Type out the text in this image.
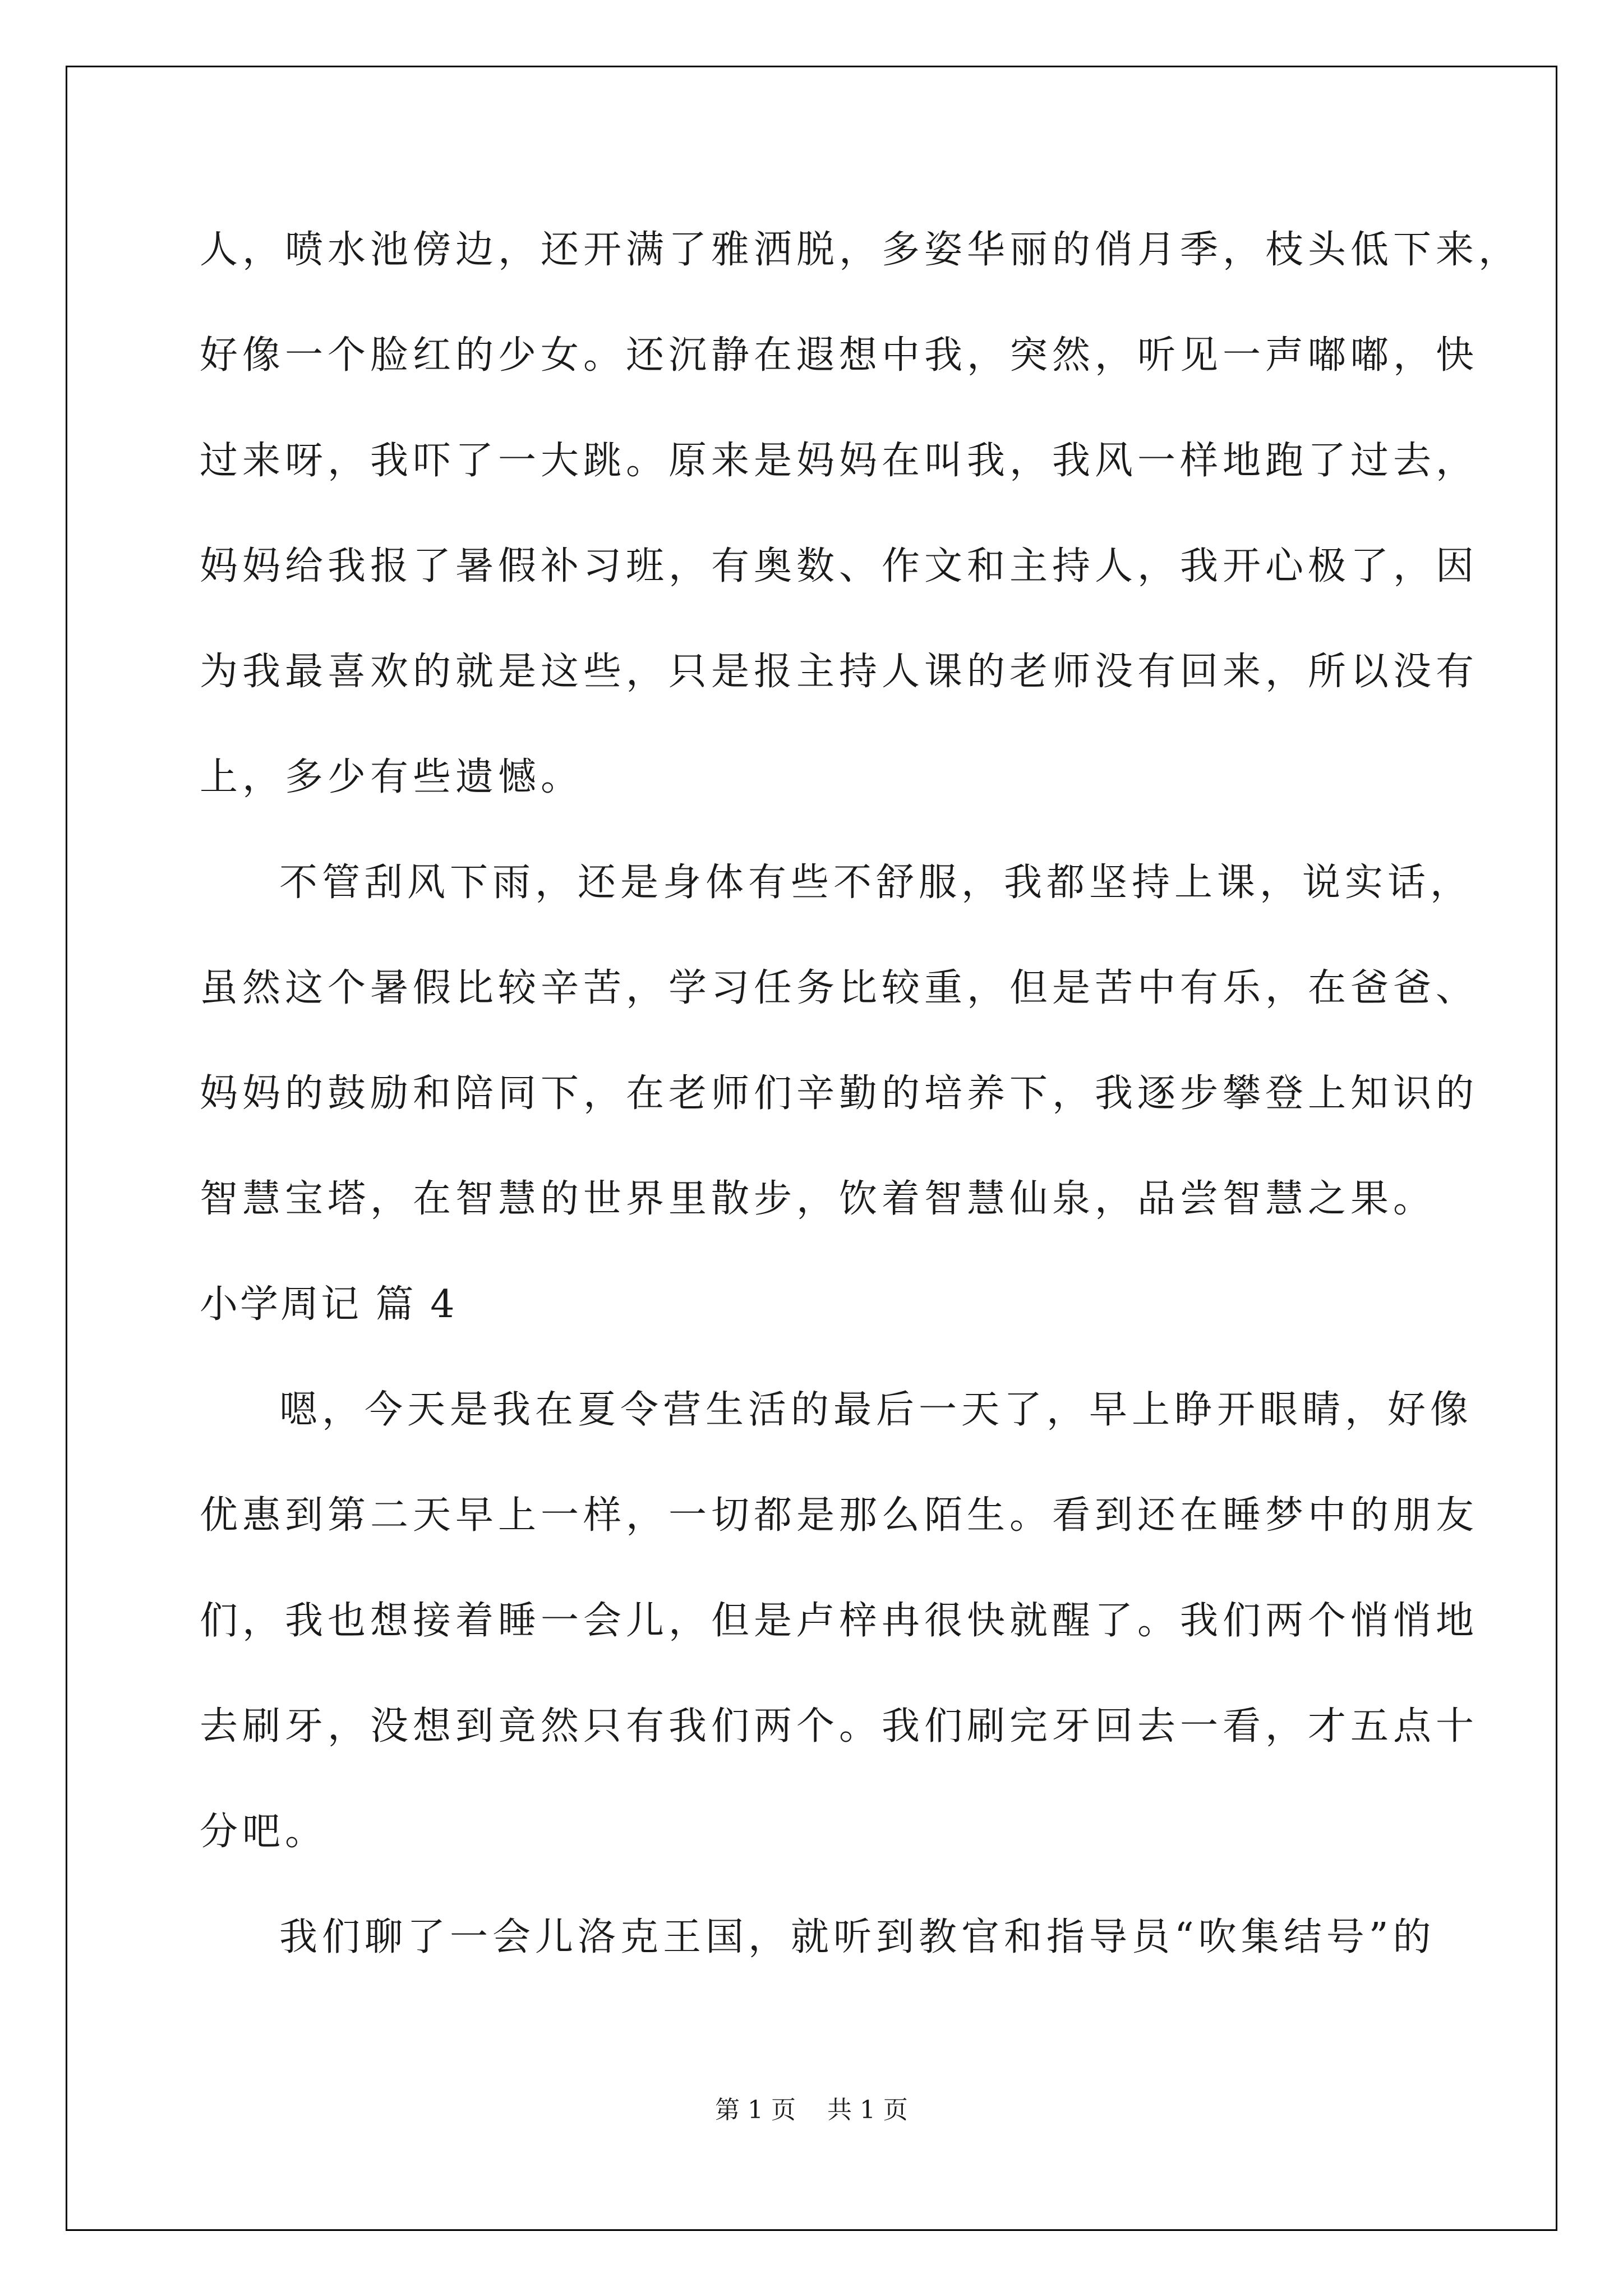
人，喷水池傍边，还开满了雅洒脱，多姿华丽的俏月季，枝头低下来，
好像一个脸红的少女。还沉静在遐想中我，突然，听见一声嘟嘟，快
过来呀，我吓了一大跳。原来是妈妈在叫我，我风一样地跑了过去，
妈妈给我报了暑假补习班，有奥数、作文和主持人，我开心极了，因
为我最喜欢的就是这些，只是报主持人课的老师没有回来，所以没有
上，多少有些遗憾。
不管刮风下雨，还是身体有些不舒服，我都坚持上课，说实话，
虽然这个暑假比较辛苦，学习任务比较重，但是苦中有乐，在爸爸、
妈妈的鼓励和陪同下，在老师们辛勤的培养下，我逐步攀登上知识的
智慧宝塔，在智慧的世界里散步，饮着智慧仙泉，品尝智慧之果。
小学周记 篇 4
嗯，今天是我在夏令营生活的最后一天了，早上睁开眼睛，好像
优惠到第二天早上一样，一切都是那么陌生。看到还在睡梦中的朋友
们，我也想接着睡一会儿，但是卢梓冉很快就醒了。我们两个悄悄地
去刷牙，没想到竟然只有我们两个。我们刷完牙回去一看，才五点十
分吧。
我们聊了一会儿洛克王国，就听到教官和指导员“吹集结号”的
第 1 页    共 1 页
